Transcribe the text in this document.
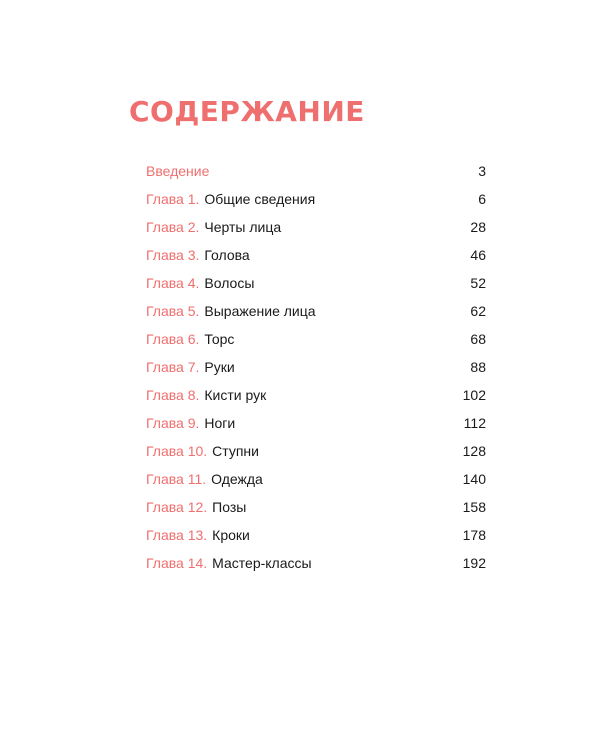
СОДЕРЖАНИЕ
Введение	3
Глава 1. Общие сведения	6
Глава 2. Черты лица	28
Глава 3. Голова	46
Глава 4. Волосы	52
Глава 5. Выражение лица	62
Глава 6. Торс	68
Глава 7. Руки	88
Глава 8. Кисти рук	102
Глава 9. Ноги	112
Глава 10. Ступни	128
Глава 11. Одежда	140
Глава 12. Позы	158
Глава 13. Кроки	178
Глава 14. Мастер-классы	192
